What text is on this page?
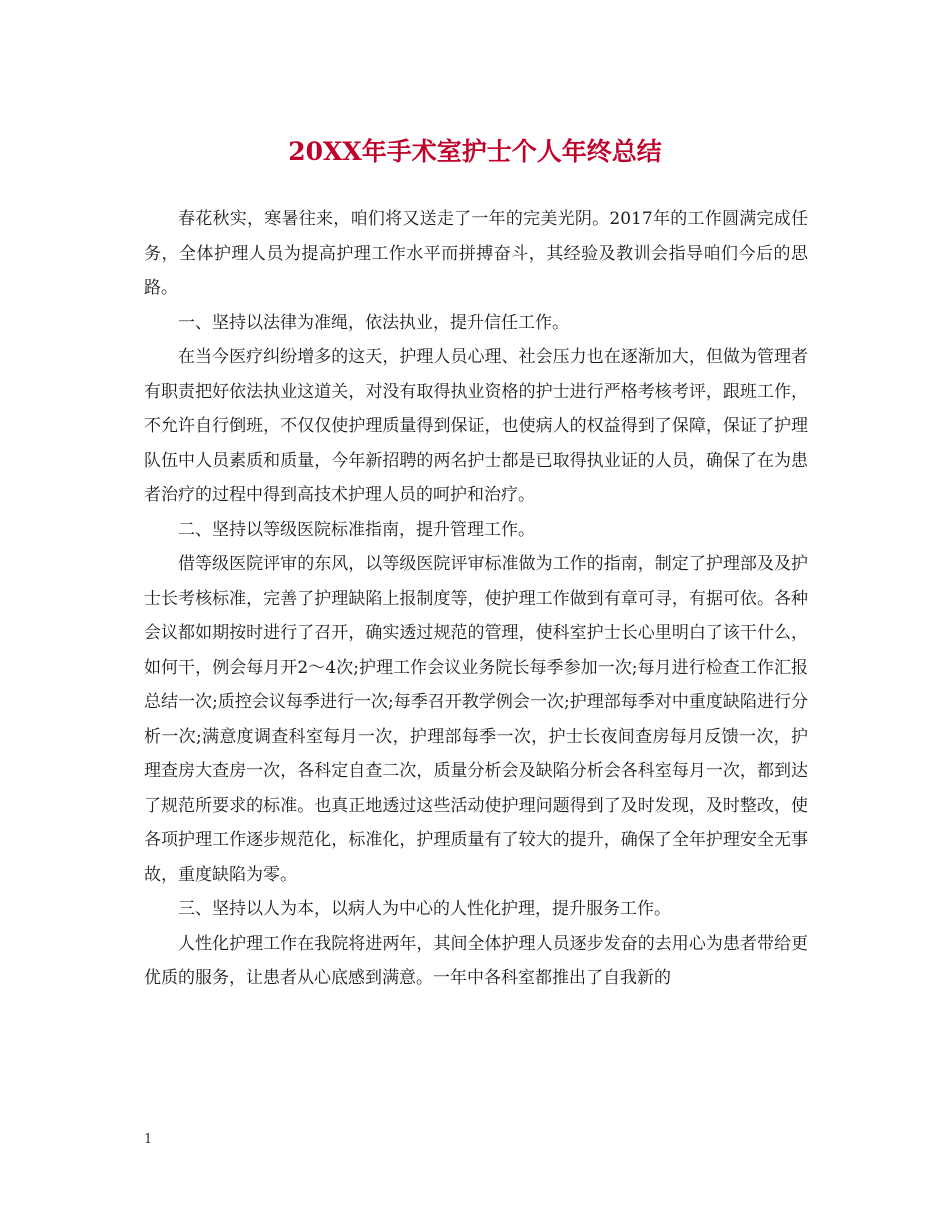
20XX年手术室护士个人年终总结

春花秋实，寒暑往来，咱们将又送走了一年的完美光阴。2017年的工作圆满完成任务，全体护理人员为提高护理工作水平而拼搏奋斗，其经验及教训会指导咱们今后的思路。

一、坚持以法律为准绳，依法执业，提升信任工作。

在当今医疗纠纷增多的这天，护理人员心理、社会压力也在逐渐加大，但做为管理者有职责把好依法执业这道关，对没有取得执业资格的护士进行严格考核考评，跟班工作，不允许自行倒班，不仅仅使护理质量得到保证，也使病人的权益得到了保障，保证了护理队伍中人员素质和质量，今年新招聘的两名护士都是已取得执业证的人员，确保了在为患者治疗的过程中得到高技术护理人员的呵护和治疗。

二、坚持以等级医院标准指南，提升管理工作。

借等级医院评审的东风，以等级医院评审标准做为工作的指南，制定了护理部及及护士长考核标准，完善了护理缺陷上报制度等，使护理工作做到有章可寻，有据可依。各种会议都如期按时进行了召开，确实透过规范的管理，使科室护士长心里明白了该干什么，如何干，例会每月开2～4次;护理工作会议业务院长每季参加一次;每月进行检查工作汇报总结一次;质控会议每季进行一次;每季召开教学例会一次;护理部每季对中重度缺陷进行分析一次;满意度调查科室每月一次，护理部每季一次，护士长夜间查房每月反馈一次，护理查房大查房一次，各科定自查二次，质量分析会及缺陷分析会各科室每月一次，都到达了规范所要求的标准。也真正地透过这些活动使护理问题得到了及时发现，及时整改，使各项护理工作逐步规范化，标准化，护理质量有了较大的提升，确保了全年护理安全无事故，重度缺陷为零。

三、坚持以人为本，以病人为中心的人性化护理，提升服务工作。

人性化护理工作在我院将进两年，其间全体护理人员逐步发奋的去用心为患者带给更优质的服务，让患者从心底感到满意。一年中各科室都推出了自我新的

1
